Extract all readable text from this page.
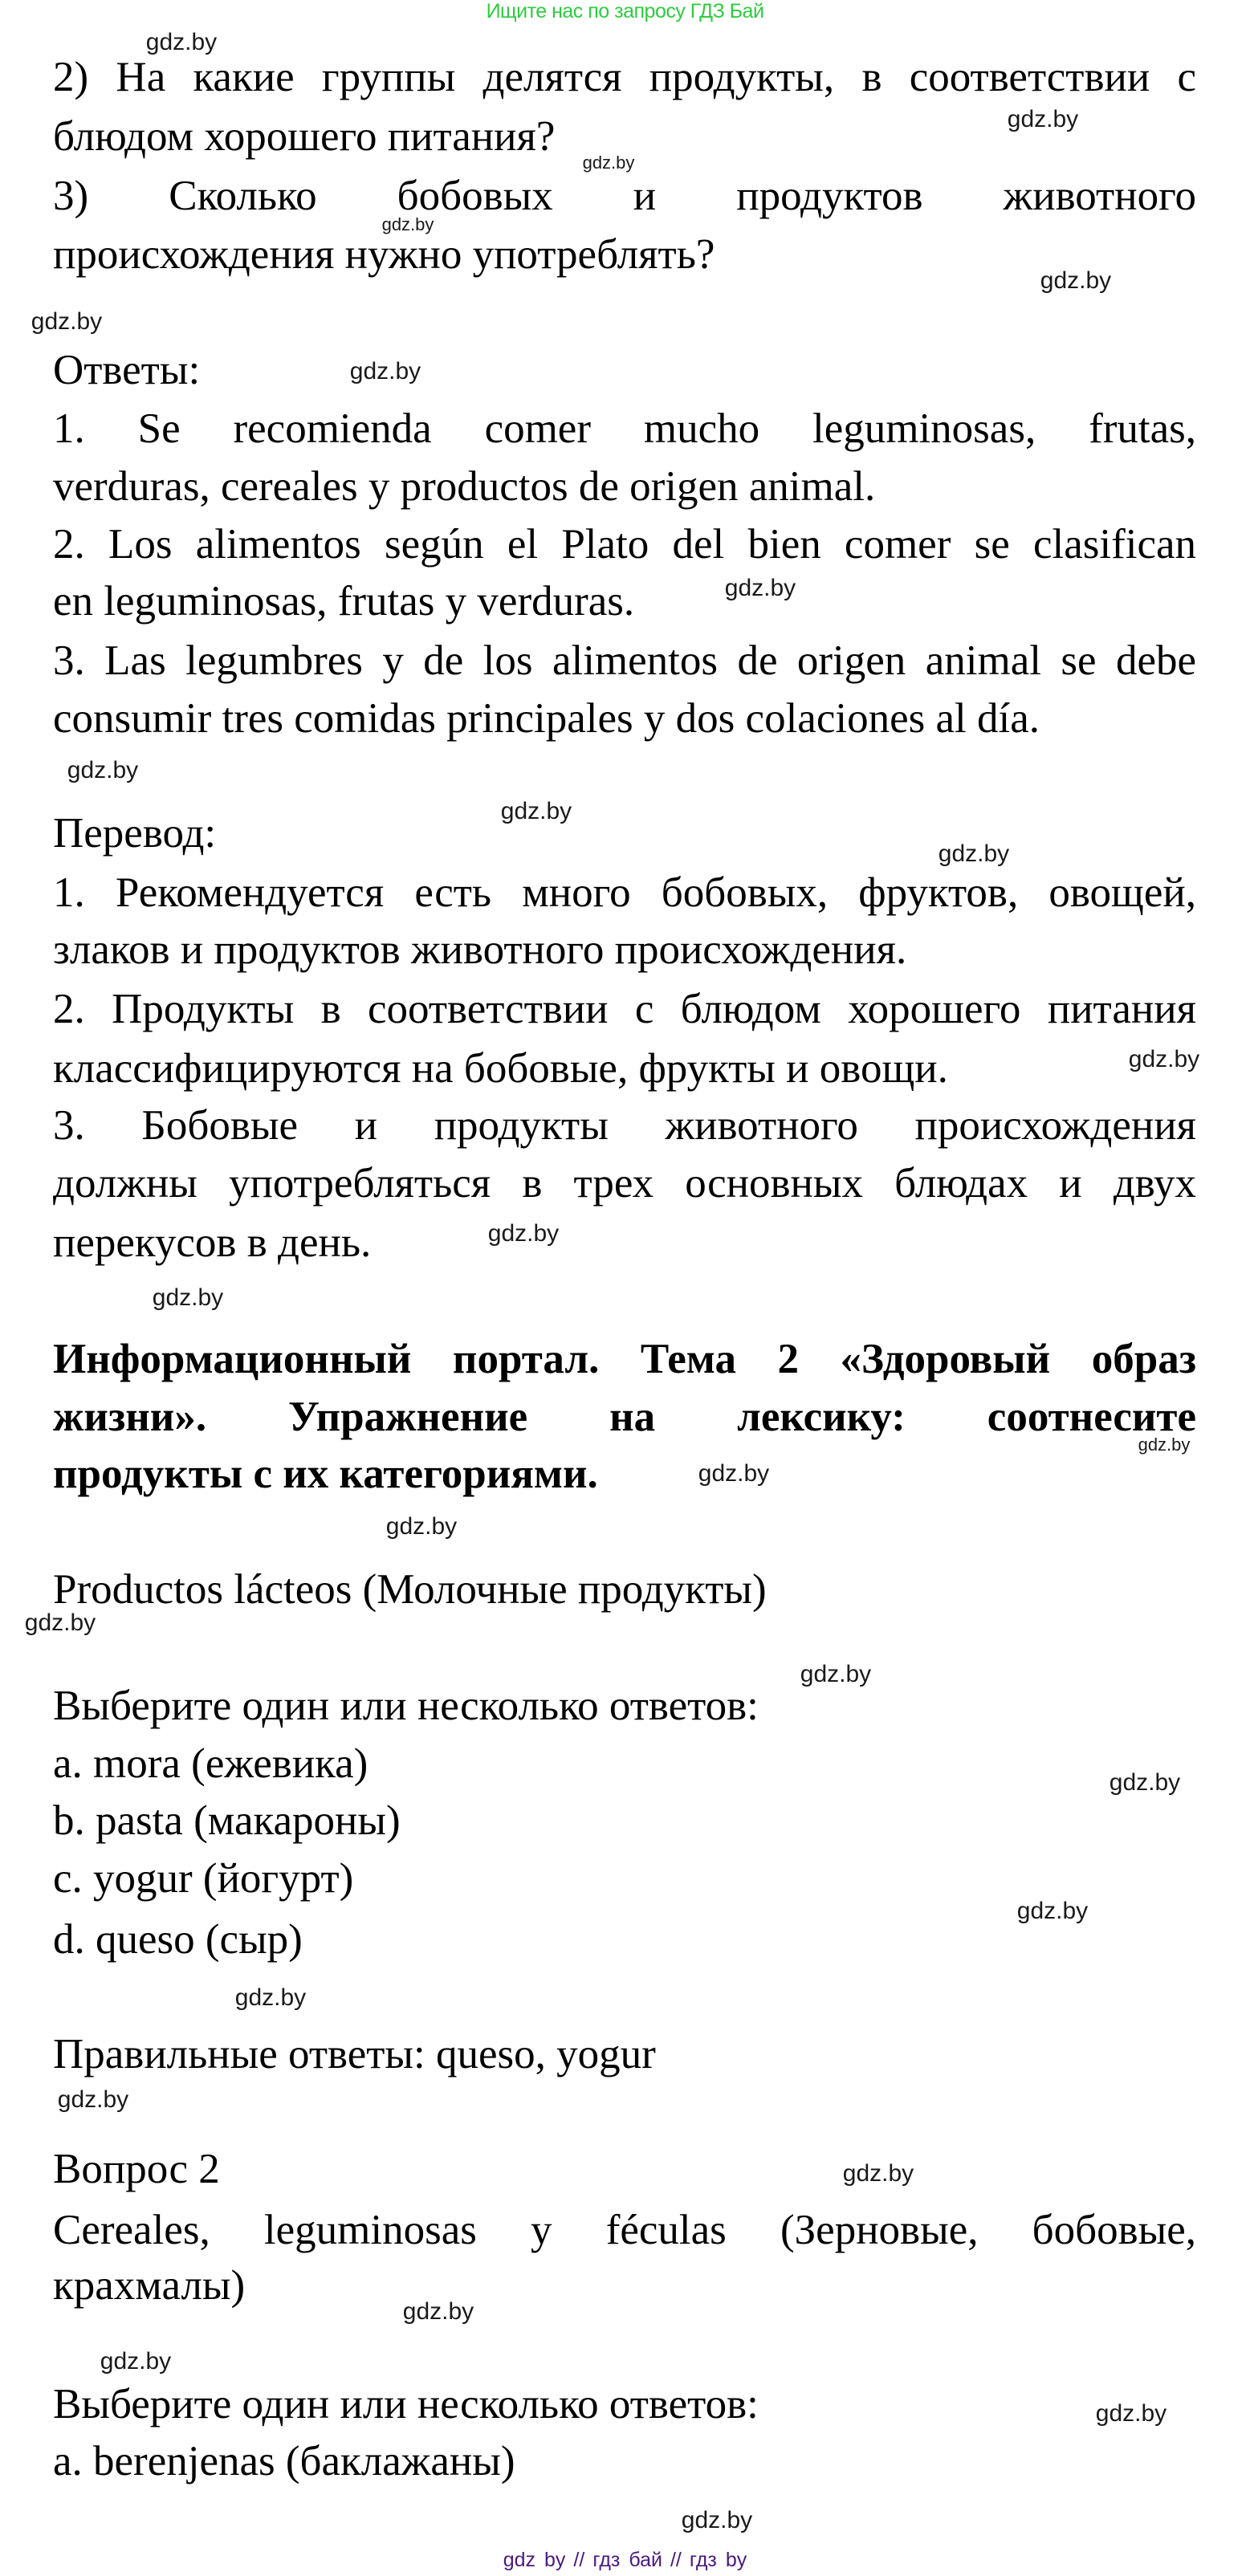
Ищите нас по запросу ГДЗ Бай
2) На какие группы делятся продукты, в соответствии с
блюдом хорошего питания?
3) Сколько бобовых и продуктов животного
происхождения нужно употреблять?
Ответы:
1. Se recomienda comer mucho leguminosas, frutas,
verduras, cereales y productos de origen animal.
2. Los alimentos según el Plato del bien comer se clasifican
en leguminosas, frutas y verduras.
3. Las legumbres y de los alimentos de origen animal se debe
consumir tres comidas principales y dos colaciones al día.
Перевод:
1. Рекомендуется есть много бобовых, фруктов, овощей,
злаков и продуктов животного происхождения.
2. Продукты в соответствии с блюдом хорошего питания
классифицируются на бобовые, фрукты и овощи.
3. Бобовые и продукты животного происхождения
должны употребляться в трех основных блюдах и двух
перекусов в день.
Информационный портал. Тема 2 «Здоровый образ
жизни». Упражнение на лексику: соотнесите
продукты с их категориями.
Productos lácteos (Молочные продукты)
Выберите один или несколько ответов:
a. mora (ежевика)
b. pasta (макароны)
c. yogur (йогурт)
d. queso (сыр)
Правильные ответы: queso, yogur
Вопрос 2
Cereales, leguminosas y féculas (Зерновые, бобовые,
крахмалы)
Выберите один или несколько ответов:
a. berenjenas (баклажаны)
gdz.by
gdz.by
gdz.by
gdz.by
gdz.by
gdz.by
gdz.by
gdz.by
gdz.by
gdz.by
gdz.by
gdz.by
gdz.by
gdz.by
gdz.by
gdz.by
gdz.by
gdz.by
gdz.by
gdz.by
gdz.by
gdz.by
gdz.by
gdz.by
gdz.by
gdz.by
gdz.by
gdz.by
gdz by // гдз бай // гдз by
